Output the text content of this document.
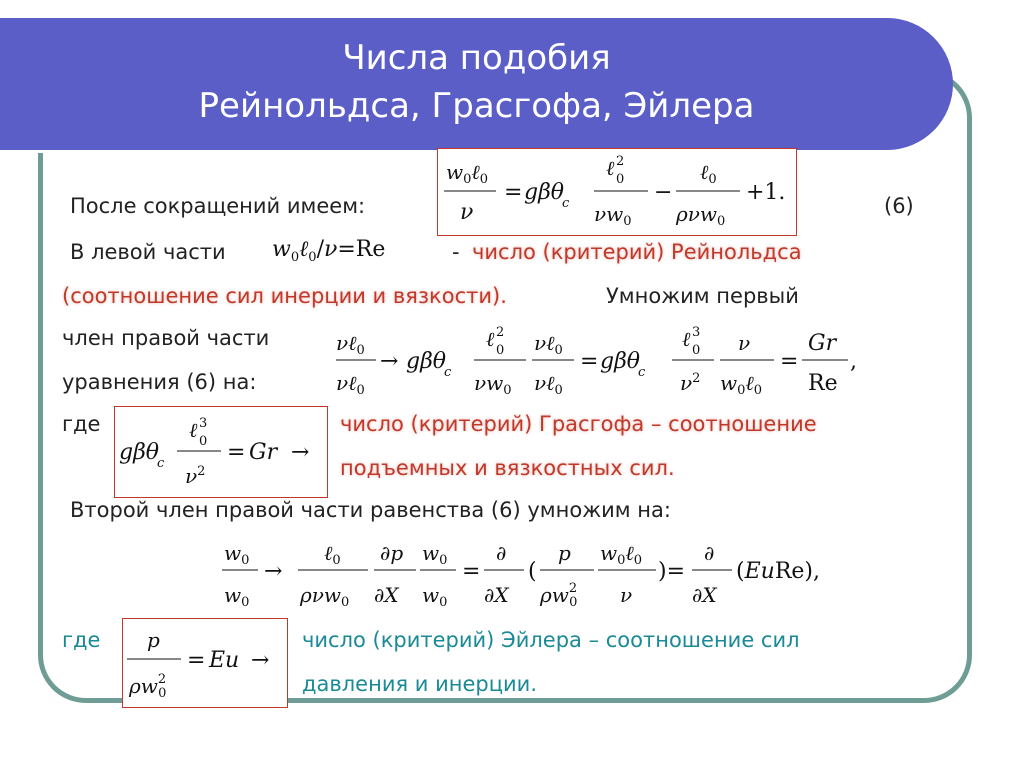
Числа подобия
Рейнольдса, Грасгофа, Эйлера
$w_0\ell_0$
ν
= gβθ
c
ℓ 2
0
$\nu w_0$
−
ℓ$_0$
ρνw$_0$
+1.
После сокращений имеем:	(6)
В левой части $w_0\ell_0/\nu=Re$	- число (критерий) Рейнольдса
(соотношение сил инерции и вязкости).	Умножим первый
член правой части
уравнения (6) на:
νℓ$_0$
νℓ$_0$
→ gβθ
c
ℓ 2
0
$\nu w_0$
νℓ$_0$
νℓ$_0$
= gβθ
c
ℓ 3
0
$\nu^2$
ν
$w_0\ell_0$
=
Gr
Re
,
где
gβθ
c
ℓ 3
0
$\nu^2$
= Gr →
число (критерий) Грасгофа – соотношение
подъемных и вязкостных сил.
Второй член правой части равенства (6) умножим на:
$w_0$
$w_0$
→
ℓ$_0$
ρνw$_0$
∂p
∂X
$w_0$
$w_0$
=
∂
∂X
(
p
$\rho w^2$ 0
$w_0\ell_0$
ν
)=
∂
∂X
(EuRe),
где p
$\rho w^2$ 0
= Eu →
число (критерий) Эйлера – соотношение сил
давления и инерции.
